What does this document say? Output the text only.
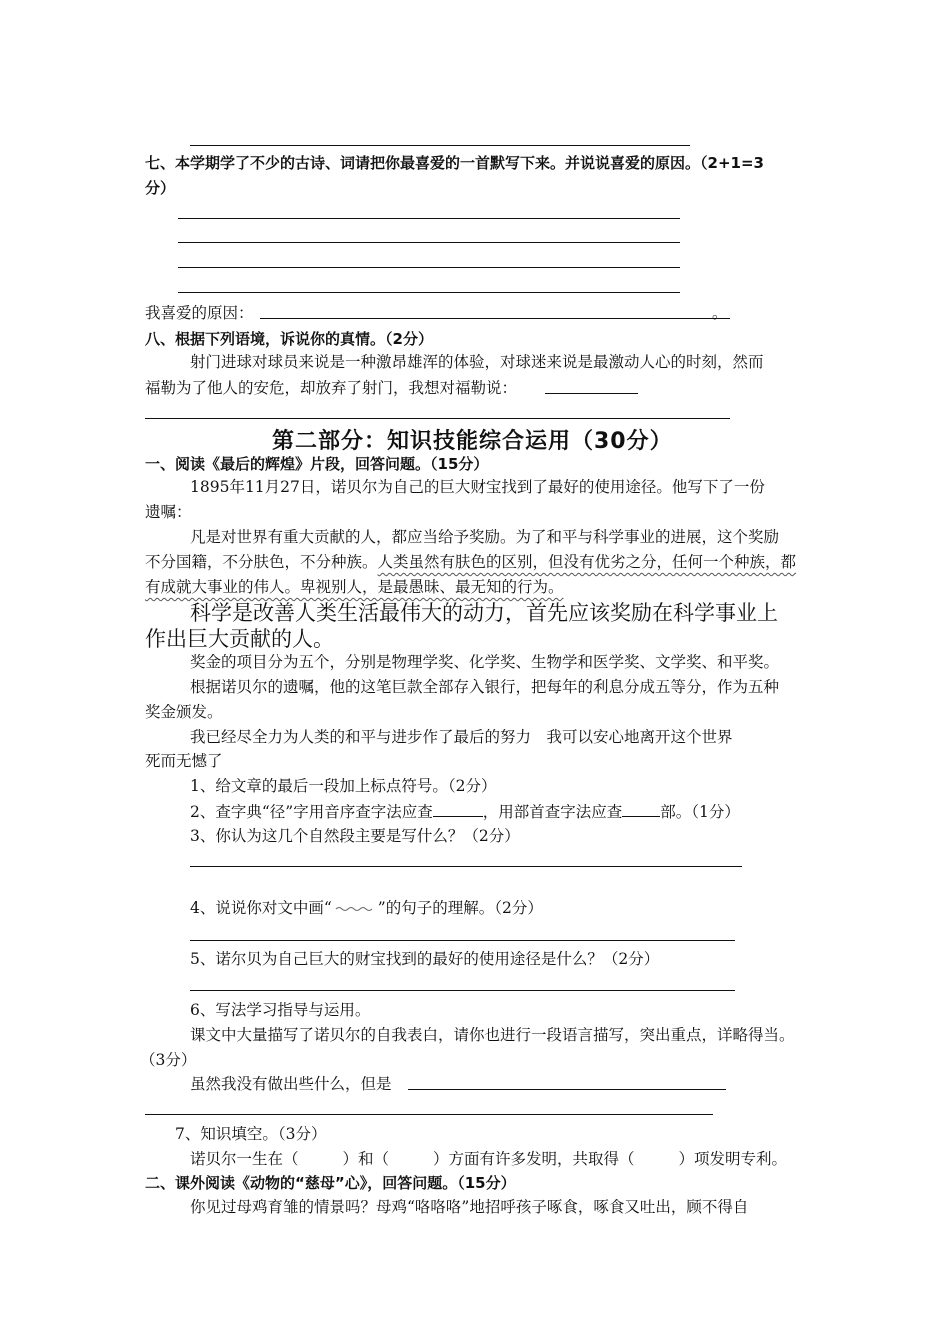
七、本学期学了不少的古诗、词请把你最喜爱的一首默写下来。并说说喜爱的原因。（2+1=3
分）
我喜爱的原因：	。
八、根据下列语境，诉说你的真情。（2分）
射门进球对球员来说是一种激昂雄浑的体验，对球迷来说是最激动人心的时刻，然而
福勒为了他人的安危，却放弃了射门，我想对福勒说：
第二部分：知识技能综合运用（30分）
一、阅读《最后的辉煌》片段，回答问题。（15分）
1895年11月27日，诺贝尔为自己的巨大财宝找到了最好的使用途径。他写下了一份
遗嘱：
凡是对世界有重大贡献的人，都应当给予奖励。为了和平与科学事业的进展，这个奖励
不分国籍，不分肤色，不分种族。人类虽然有肤色的区别，但没有优劣之分，任何一个种族，都
有成就大事业的伟人。卑视别人，是最愚昧、最无知的行为。
科学是改善人类生活最伟大的动力，首先应该奖励在科学事业上
作出巨大贡献的人。
奖金的项目分为五个，分别是物理学奖、化学奖、生物学和医学奖、文学奖、和平奖。
根据诺贝尔的遗嘱，他的这笔巨款全部存入银行，把每年的利息分成五等分，作为五种
奖金颁发。
我已经尽全力为人类的和平与进步作了最后的努力　我可以安心地离开这个世界
死而无憾了
1、给文章的最后一段加上标点符号。（2分）
2、查字典“径”字用音序查字法应查	，用部首查字法应查 部。（1分）
3、你认为这几个自然段主要是写什么？（2分）
4、说说你对文中画“	”的句子的理解。（2分）
5、诺尔贝为自己巨大的财宝找到的最好的使用途径是什么？（2分）
6、写法学习指导与运用。
课文中大量描写了诺贝尔的自我表白，请你也进行一段语言描写，突出重点，详略得当。
（3分）
虽然我没有做出些什么，但是
7、知识填空。（3分）
诺贝尔一生在（	）和（	）方面有许多发明，共取得（	）项发明专利。
二、课外阅读《动物的“慈母”心》，回答问题。（15分）
你见过母鸡育雏的情景吗？母鸡“咯咯咯”地招呼孩子啄食，啄食又吐出，顾不得自
